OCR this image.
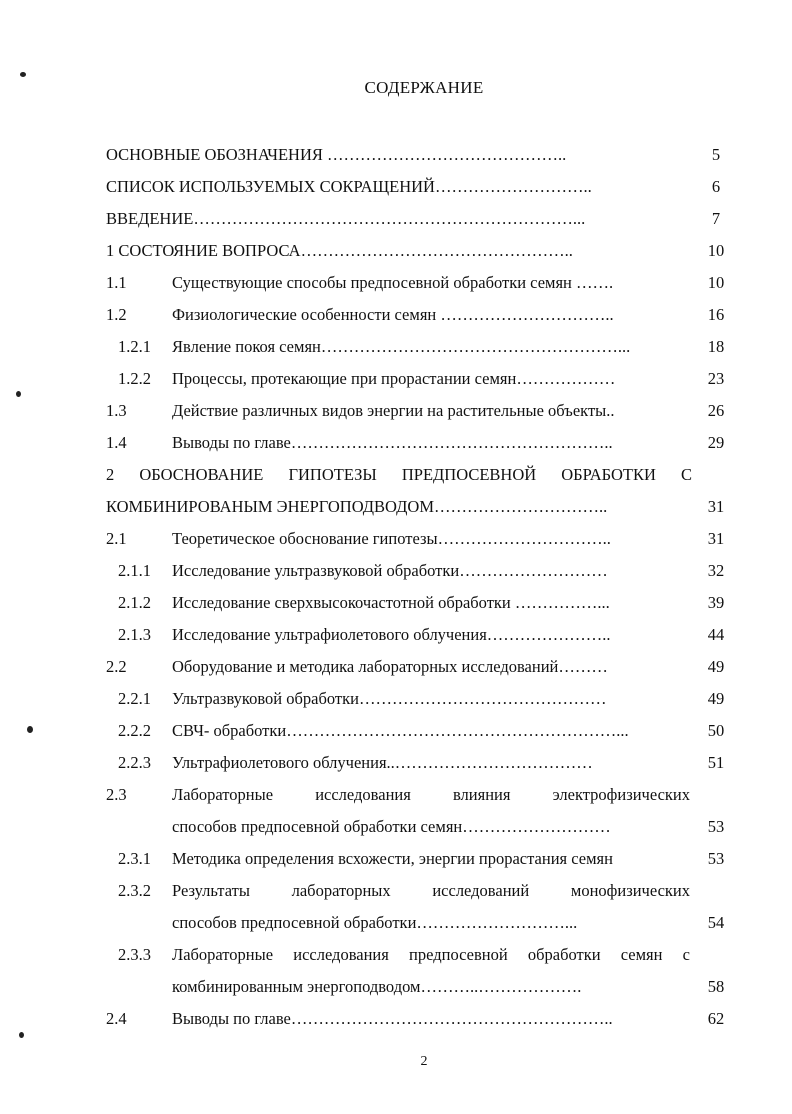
СОДЕРЖАНИЕ
ОСНОВНЫЕ ОБОЗНАЧЕНИЯ ……………………………………..	5
СПИСОК ИСПОЛЬЗУЕМЫХ СОКРАЩЕНИЙ………………………..	6
ВВЕДЕНИЕ……………………………………………………………...	7
1 СОСТОЯНИЕ ВОПРОСА…………………………………………..	10
1.1	Существующие способы предпосевной обработки семян …….	10
1.2	Физиологические особенности семян …………………………..	16
1.2.1 Явление покоя семян………………………………………………...	18
1.2.2 Процессы, протекающие при прорастании семян………………	23
1.3	Действие различных видов энергии на растительные объекты..	26
1.4	Выводы по главе…………………………………………………..	29
2 ОБОСНОВАНИЕ ГИПОТЕЗЫ ПРЕДПОСЕВНОЙ ОБРАБОТКИ С
КОМБИНИРОВАНЫМ ЭНЕРГОПОДВОДОМ…………………………..	31
2.1	Теоретическое обоснование гипотезы…………………………..	31
2.1.1 Исследование ультразвуковой обработки………………………	32
2.1.2 Исследование сверхвысокочастотной обработки ……………...	39
2.1.3 Исследование ультрафиолетового облучения…………………..	44
2.2	Оборудование и методика лабораторных исследований………	49
2.2.1 Ультразвуковой обработки………………………………………	49
2.2.2 СВЧ- обработки……………………………………………………...	50
2.2.3 Ультрафиолетового облучения..………………………………	51
2.3	Лабораторные исследования влияния электрофизических
способов предпосевной обработки семян………………………	53
2.3.1 Методика определения всхожести, энергии прорастания семян	53
2.3.2 Результаты лабораторных исследований монофизических
способов предпосевной обработки………………………...	54
2.3.3 Лабораторные исследования предпосевной обработки семян с
комбинированным энергоподводом………..……………….	58
2.4	Выводы по главе…………………………………………………..	62
2
